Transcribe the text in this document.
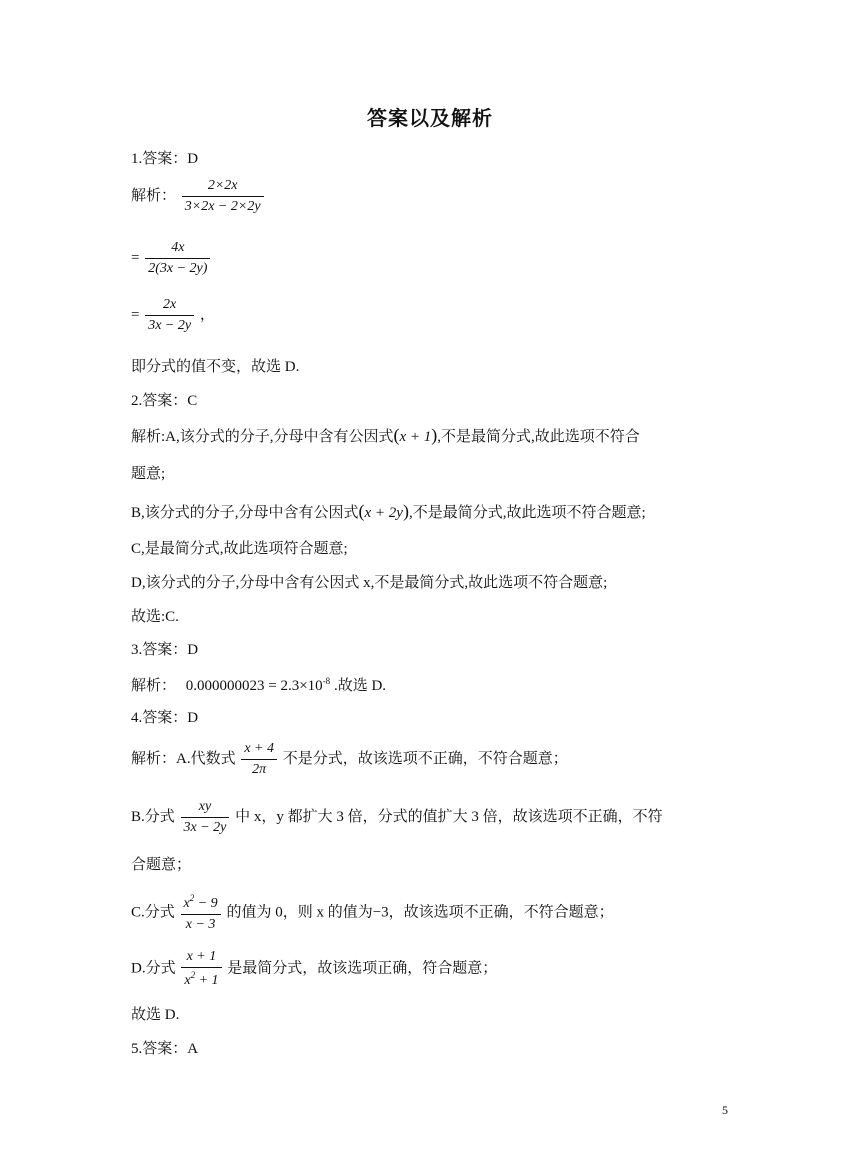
答案以及解析
1.答案：D
解析： $\frac{2\times 2x}{3\times 2x - 2\times 2y}$
= $\frac{4x}{2(3x - 2y)}$
= $\frac{2x}{3x - 2y}$ ，
即分式的值不变，故选 D.
2.答案：C
解析:A,该分式的分子,分母中含有公因式(x + 1),不是最简分式,故此选项不符合
题意;
B,该分式的分子,分母中含有公因式(x + 2y),不是最简分式,故此选项不符合题意;
C,是最简分式,故此选项符合题意;
D,该分式的分子,分母中含有公因式 x,不是最简分式,故此选项不符合题意;
故选:C.
3.答案：D
解析： $0.000000023 = 2.3\times 10^{-8}$ .故选 D.
4.答案：D
解析：A.代数式 $\frac{x + 4}{2\pi}$ 不是分式，故该选项不正确，不符合题意；
B.分式 $\frac{xy}{3x - 2y}$ 中 x，y 都扩大 3 倍，分式的值扩大 3 倍，故该选项不正确，不符
合题意；
C.分式 $\frac{x^2 - 9}{x - 3}$ 的值为 0，则 x 的值为−3，故该选项不正确，不符合题意；
D.分式 $\frac{x + 1}{x^2 + 1}$ 是最简分式，故该选项正确，符合题意；
故选 D.
5.答案：A
5
